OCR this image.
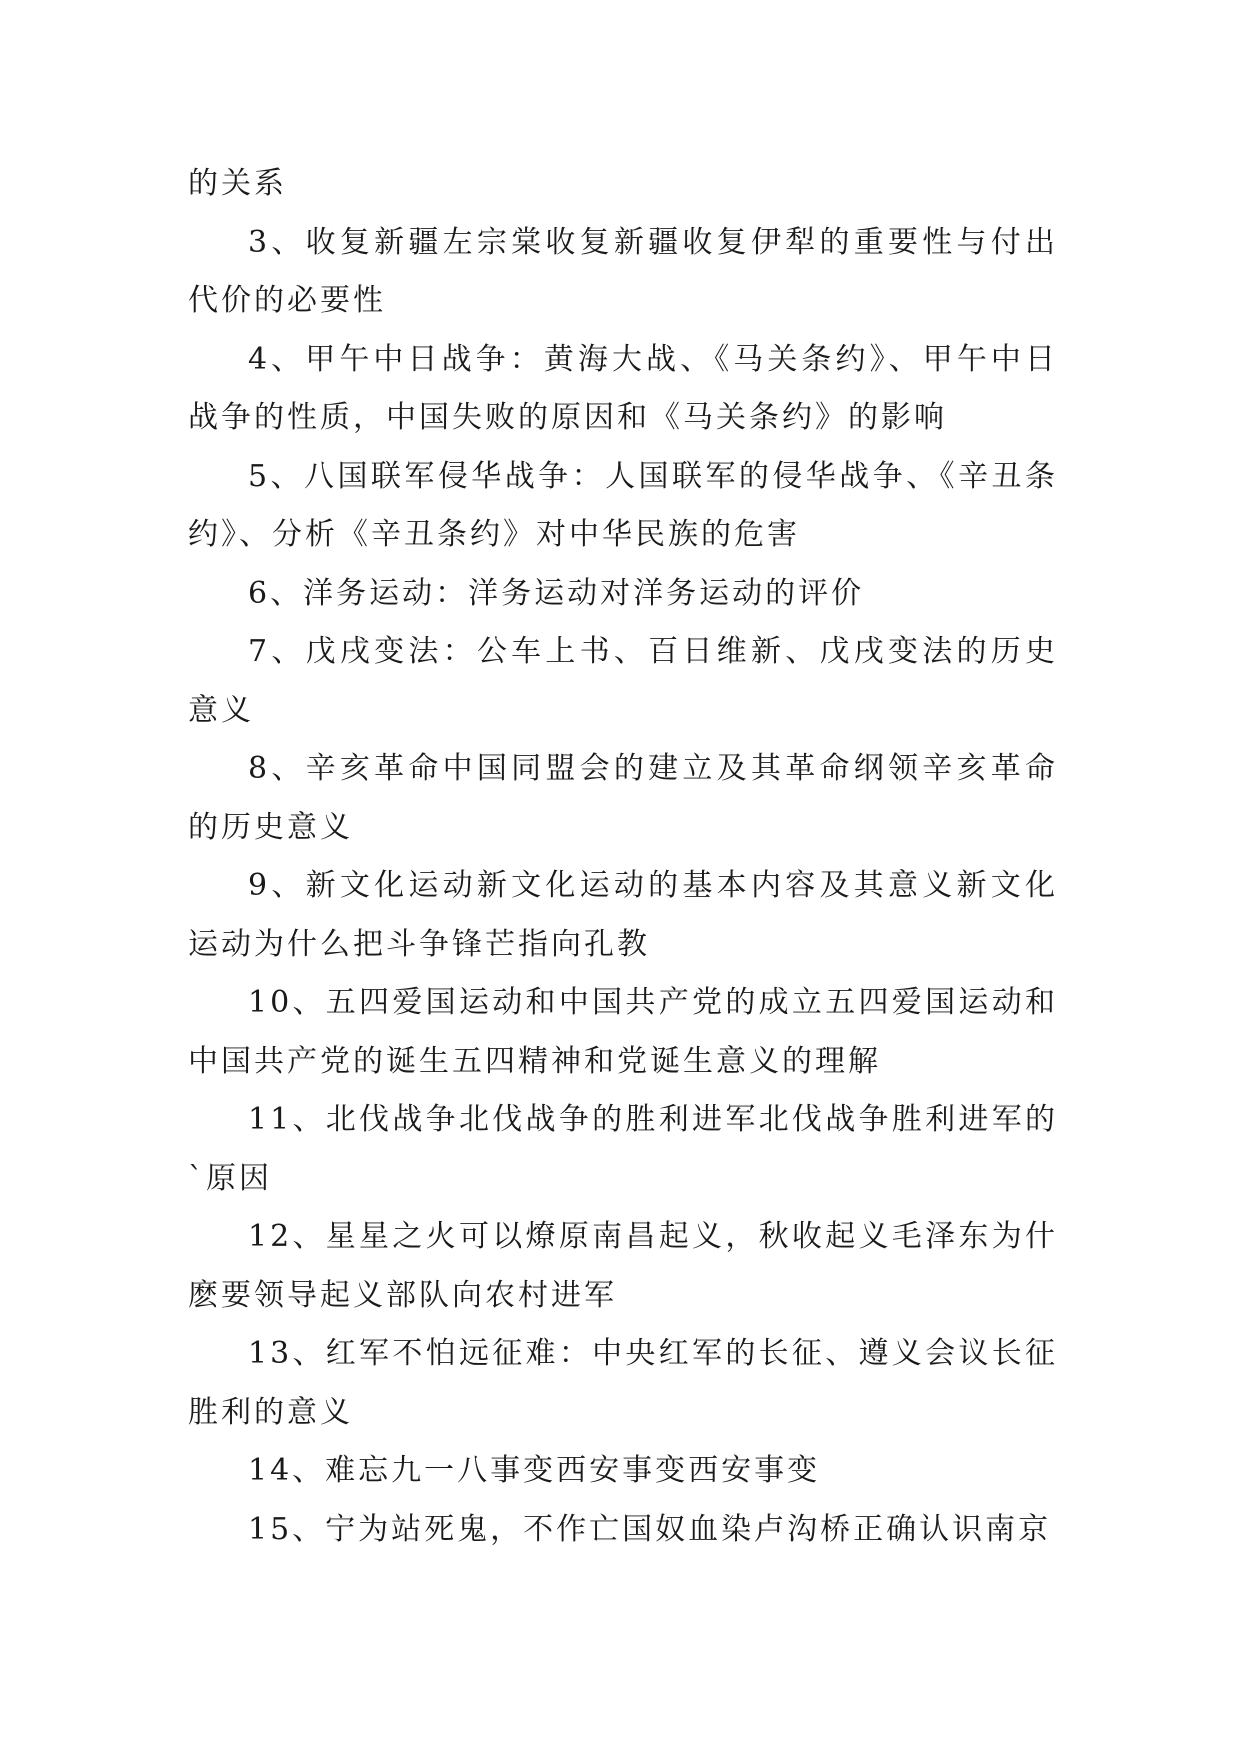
的关系

3、收复新疆左宗棠收复新疆收复伊犁的重要性与付出代价的必要性

4、甲午中日战争：黄海大战、《马关条约》、甲午中日战争的性质，中国失败的原因和《马关条约》的影响

5、八国联军侵华战争：人国联军的侵华战争、《辛丑条约》、分析《辛丑条约》对中华民族的危害

6、洋务运动：洋务运动对洋务运动的评价

7、戊戌变法：公车上书、百日维新、戊戌变法的历史意义

8、辛亥革命中国同盟会的建立及其革命纲领辛亥革命的历史意义

9、新文化运动新文化运动的基本内容及其意义新文化运动为什么把斗争锋芒指向孔教

10、五四爱国运动和中国共产党的成立五四爱国运动和中国共产党的诞生五四精神和党诞生意义的理解

11、北伐战争北伐战争的胜利进军北伐战争胜利进军的`原因

12、星星之火可以燎原南昌起义，秋收起义毛泽东为什麽要领导起义部队向农村进军

13、红军不怕远征难：中央红军的长征、遵义会议长征胜利的意义

14、难忘九一八事变西安事变西安事变

15、宁为站死鬼，不作亡国奴血染卢沟桥正确认识南京
